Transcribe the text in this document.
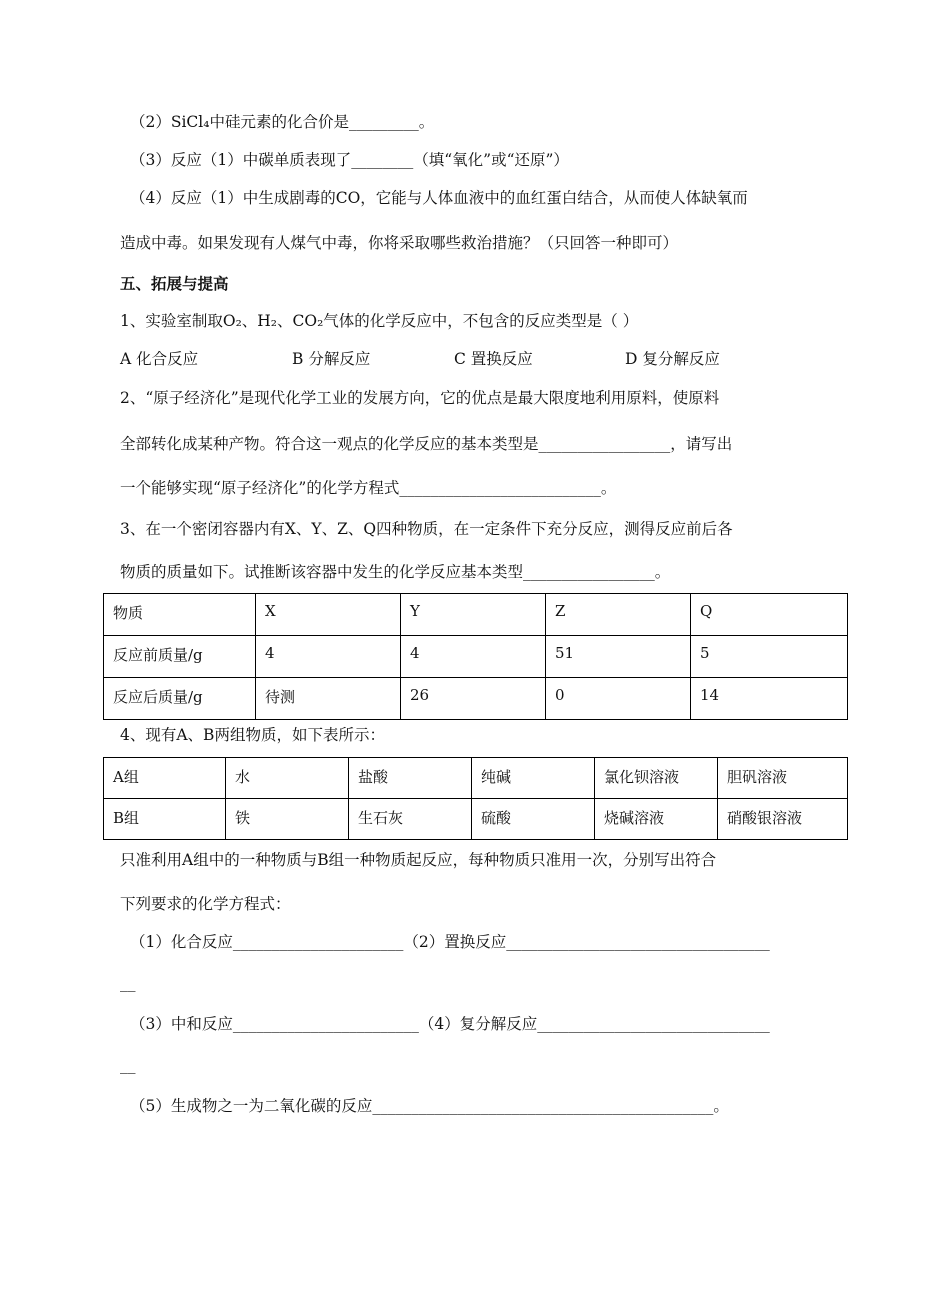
（2）SiCl₄中硅元素的化合价是_________。
（3）反应（1）中碳单质表现了________（填“氧化”或“还原”）
（4）反应（1）中生成剧毒的CO，它能与人体血液中的血红蛋白结合，从而使人体缺氧而
造成中毒。如果发现有人煤气中毒，你将采取哪些救治措施？（只回答一种即可）
五、拓展与提高
1、实验室制取O₂、H₂、CO₂气体的化学反应中，不包含的反应类型是（ ）
A 化合反应	B 分解反应	C 置换反应	D 复分解反应
2、“原子经济化”是现代化学工业的发展方向，它的优点是最大限度地利用原料，使原料
全部转化成某种产物。符合这一观点的化学反应的基本类型是_________________，请写出
一个能够实现“原子经济化”的化学方程式__________________________。
3、在一个密闭容器内有X、Y、Z、Q四种物质，在一定条件下充分反应，测得反应前后各
物质的质量如下。试推断该容器中发生的化学反应基本类型_________________。
物质	X	Y	Z	Q
反应前质量/g	4	4	51	5
反应后质量/g	待测	26	0	14
4、现有A、B两组物质，如下表所示：
A组	水	盐酸	纯碱	氯化钡溶液	胆矾溶液
B组	铁	生石灰	硫酸	烧碱溶液	硝酸银溶液
只准利用A组中的一种物质与B组一种物质起反应，每种物质只准用一次，分别写出符合
下列要求的化学方程式：
（1）化合反应______________________（2）置换反应__________________________________
__
（3）中和反应________________________（4）复分解反应______________________________
__
（5）生成物之一为二氧化碳的反应____________________________________________。
